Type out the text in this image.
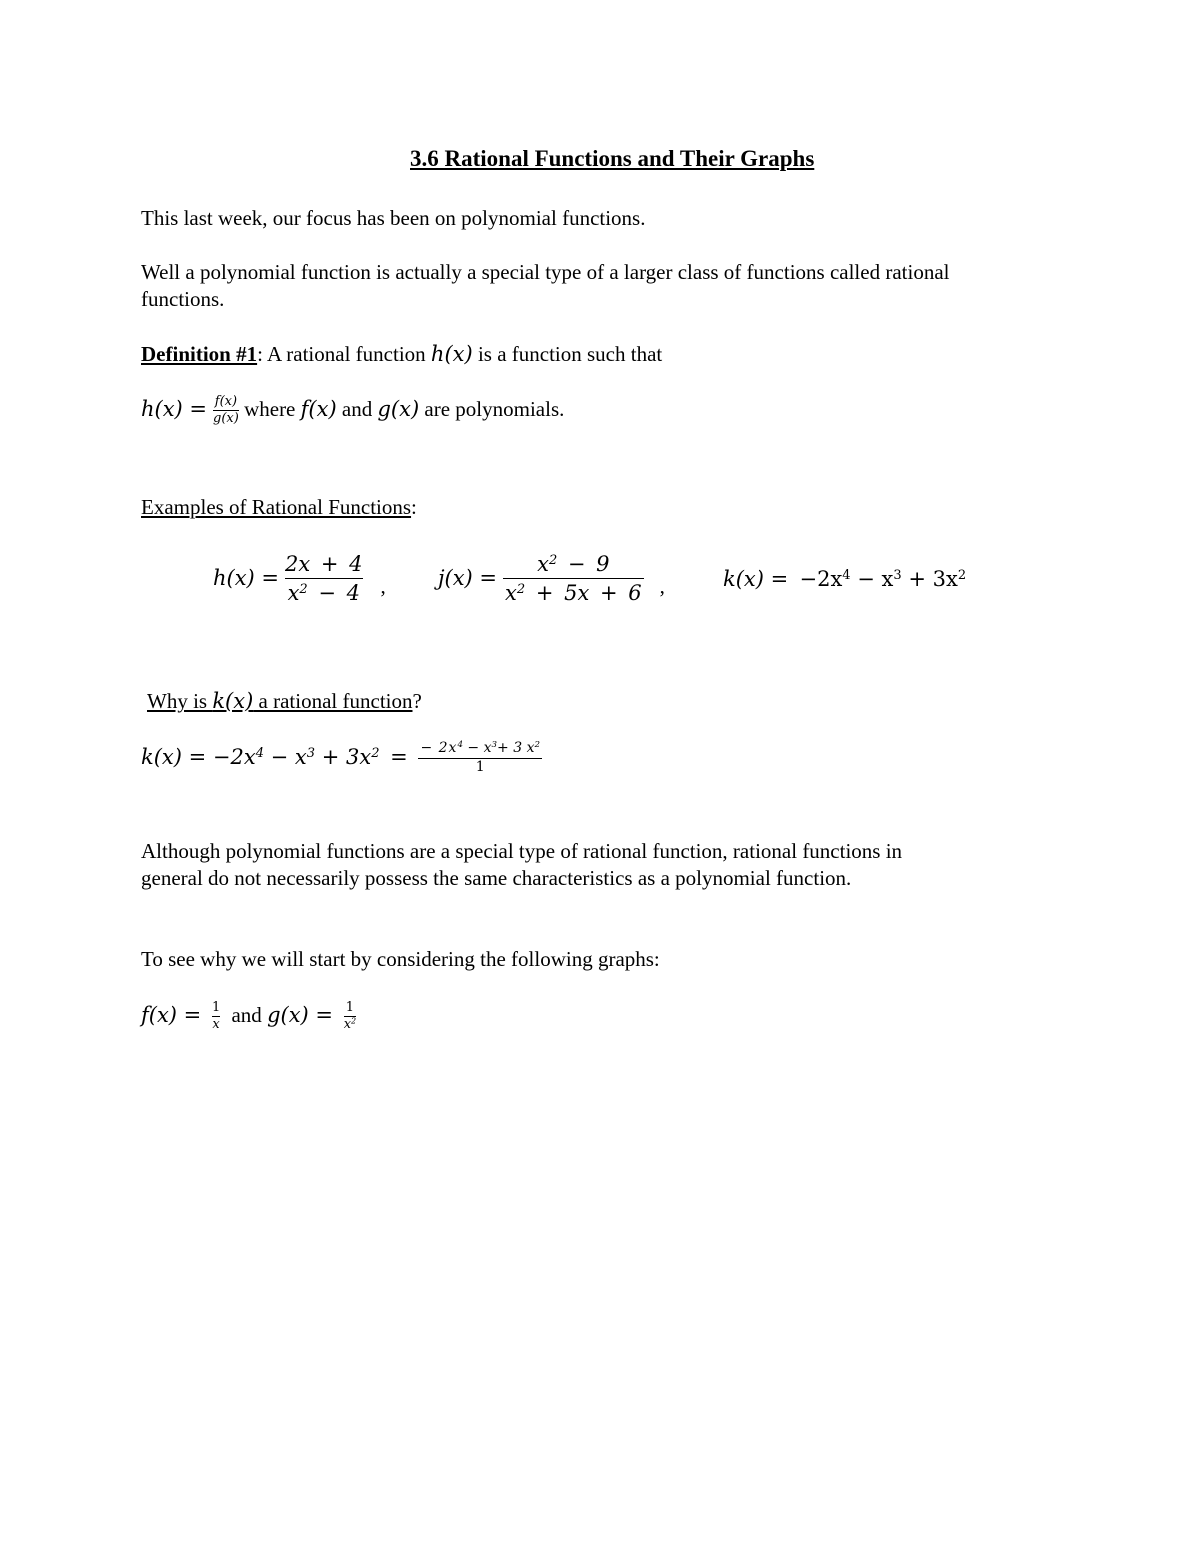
3.6 Rational Functions and Their Graphs
This last week, our focus has been on polynomial functions.
Well a polynomial function is actually a special type of a larger class of functions called rational
functions.
Definition #1: A rational function h(x) is a function such that
$h(x) = \frac{f(x)}{g(x)}$ where f(x) and g(x) are polynomials.
Examples of Rational Functions:
$h(x) = \frac{2x + 4}{x^2 - 4}$ , $j(x) = \frac{x^2 - 9}{x^2 + 5x + 6}$ ,	$k(x) = -2x^4 - x^3 + 3x^2$
Why is k(x) a rational function?
$k(x) = -2x^4 - x^3 + 3x^2 = \frac{- 2x^4 - x^3+ 3 x^2}{1}$
Although polynomial functions are a special type of rational function, rational functions in
general do not necessarily possess the same characteristics as a polynomial function.
To see why we will start by considering the following graphs:
$f(x) = \frac{1}{x}$ and $g(x) = \frac{1}{x^2}$
